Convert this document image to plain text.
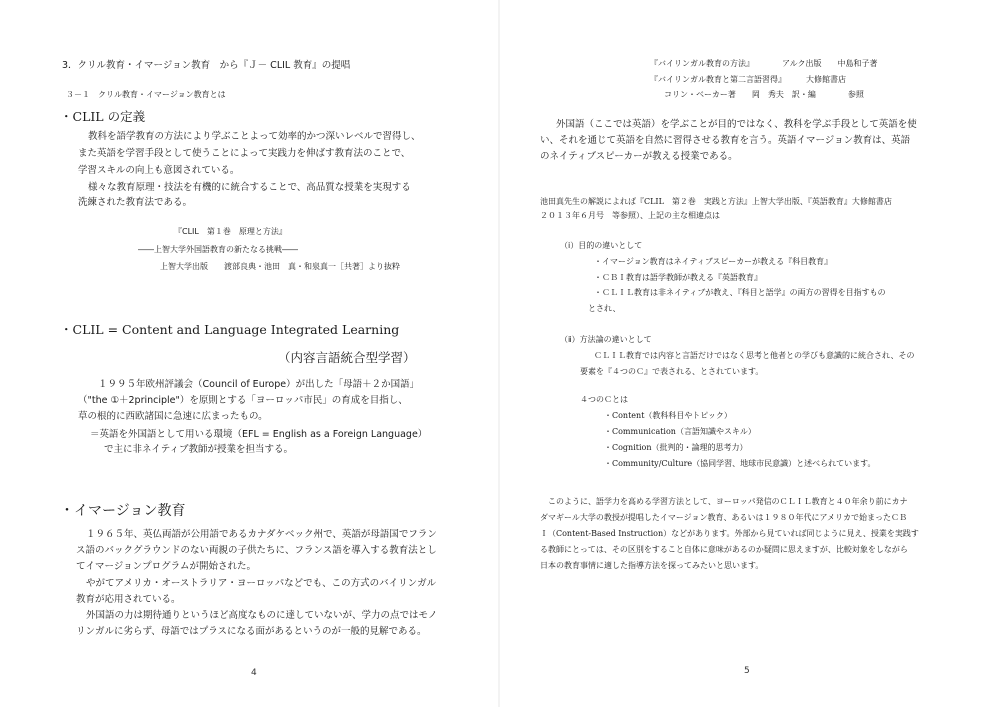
3．クリル教育・イマージョン教育　から『Ｊ－ CLIL 教育』の提唱
３－１　クリル教育・イマージョン教育とは
・CLIL の定義
教科を語学教育の方法により学ぶことよって効率的かつ深いレベルで習得し、
また英語を学習手段として使うことによって実践力を伸ばす教育法のことで、
学習スキルの向上も意図されている。
様々な教育原理・技法を有機的に統合することで、高品質な授業を実現する
洗練された教育法である。
『CLIL　第１巻　原理と方法』
――上智大学外国語教育の新たなる挑戦――
上智大学出版　　渡部良典・池田　真・和泉真一［共著］より抜粋
・CLIL = Content and Language Integrated Learning
（内容言語統合型学習）
１９９５年欧州評議会（Council of Europe）が出した「母語＋２か国語」
（"the ①＋2principle"）を原則とする「ヨーロッパ市民」の育成を目指し、
草の根的に西欧諸国に急速に広まったもの。
＝英語を外国語として用いる環境（EFL = English as a Foreign Language）
で主に非ネイティブ教師が授業を担当する。
・イマージョン教育
１９６５年、英仏両語が公用語であるカナダケベック州で、英語が母語国でフラン
ス語のバックグラウンドのない両親の子供たちに、フランス語を導入する教育法とし
てイマージョンプログラムが開始された。
やがてアメリカ・オーストラリア・ヨーロッパなどでも、この方式のバイリンガル
教育が応用されている。
外国語の力は期待通りというほど高度なものに達していないが、学力の点ではモノ
リンガルに劣らず、母語ではプラスになる面があるというのが一般的見解である。
4
『バイリンガル教育の方法』　　　　アルク出版　　中島和子著
『バイリンガル教育と第二言語習得』　　　大修館書店
コリン・ベーカー著　　岡　秀夫　訳・編　　　　参照
外国語（ここでは英語）を学ぶことが目的ではなく、教科を学ぶ手段として英語を使
い、それを通じて英語を自然に習得させる教育を言う。英語イマージョン教育は、英語
のネイティブスピーカーが教える授業である。
池田真先生の解説によれば『CLIL　第２巻　実践と方法』上智大学出版、『英語教育』大修館書店
２０１３年６月号　等参照）、上記の主な相違点は
（ⅰ）目的の違いとして
・イマージョン教育はネイティブスピーカーが教える『科目教育』
・ＣＢＩ教育は語学教師が教える『英語教育』
・ＣＬＩＬ教育は非ネイティブが教え、『科目と語学』の両方の習得を目指すもの
とされ、
（ⅱ）方法論の違いとして
ＣＬＩＬ教育では内容と言語だけではなく思考と他者との学びも意識的に統合され、その
要素を『４つのＣ』で表される、とされています。
４つのＣとは
・Content（教科科目やトピック）
・Communication（言語知識やスキル）
・Cognition（批判的・論理的思考力）
・Community/Culture（協同学習、地球市民意識）と述べられています。
このように、語学力を高める学習方法として、ヨーロッパ発信のＣＬＩＬ教育と４０年余り前にカナ
ダマギール大学の教授が提唱したイマージョン教育、あるいは１９８０年代にアメリカで始まったＣＢ
Ｉ（Content-Based Instruction）などがあります。外部から見ていれば同じように見え、授業を実践す
る教師にとっては、その区別をすること自体に意味があるのか疑問に思えますが、比較対象をしながら
日本の教育事情に適した指導方法を探ってみたいと思います。
5
